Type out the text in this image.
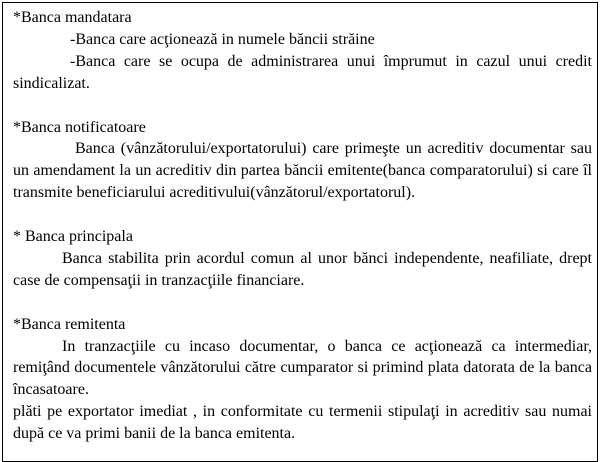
*Banca mandatara

-Banca care acţionează in numele băncii străine

-Banca care se ocupa de administrarea unui împrumut in cazul unui credit sindicalizat.

*Banca notificatoare

Banca (vânzătorului/exportatorului) care primeşte un acreditiv documentar sau un amendament la un acreditiv din partea băncii emitente(banca comparatorului) si care îl transmite beneficiarului acreditivului(vânzătorul/exportatorul).

* Banca principala

Banca stabilita prin acordul comun al unor bănci independente, neafiliate, drept case de compensaţii in tranzacţiile financiare.

*Banca remitenta

In tranzacţiile cu incaso documentar, o banca ce acţionează ca intermediar, remiţând documentele vânzătorului către cumparator si primind plata datorata de la banca încasatoare.

plăti pe exportator imediat , in conformitate cu termenii stipulaţi in acreditiv sau numai după ce va primi banii de la banca emitenta.
